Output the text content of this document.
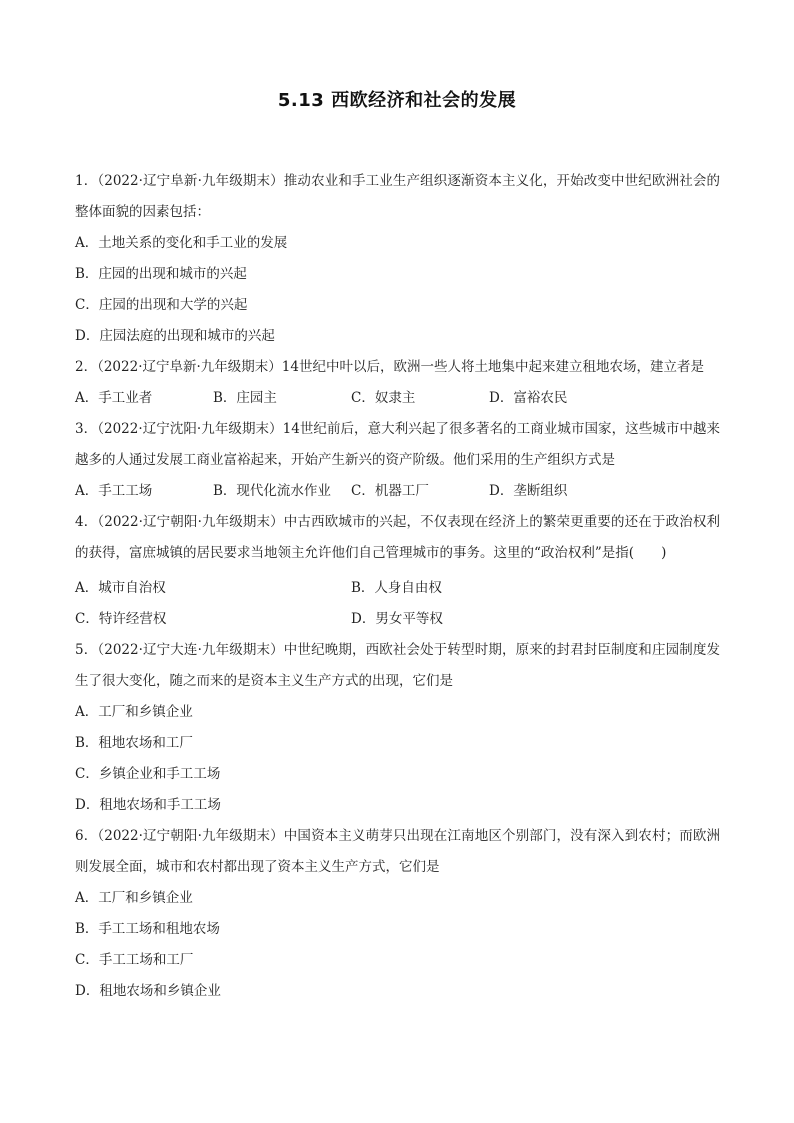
5.13 西欧经济和社会的发展

1．（2022·辽宁阜新·九年级期末）推动农业和手工业生产组织逐渐资本主义化，开始改变中世纪欧洲社会的整体面貌的因素包括：

A．土地关系的变化和手工业的发展

B．庄园的出现和城市的兴起

C．庄园的出现和大学的兴起

D．庄园法庭的出现和城市的兴起

2．（2022·辽宁阜新·九年级期末）14世纪中叶以后，欧洲一些人将土地集中起来建立租地农场，建立者是

A．手工业者	B．庄园主	C．奴隶主	D．富裕农民

3．（2022·辽宁沈阳·九年级期末）14世纪前后，意大利兴起了很多著名的工商业城市国家，这些城市中越来越多的人通过发展工商业富裕起来，开始产生新兴的资产阶级。他们采用的生产组织方式是

A．手工工场	B．现代化流水作业	C．机器工厂	D．垄断组织

4．（2022·辽宁朝阳·九年级期末）中古西欧城市的兴起，不仅表现在经济上的繁荣更重要的还在于政治权利的获得，富庶城镇的居民要求当地领主允许他们自己管理城市的事务。这里的“政治权利”是指(　　)

A．城市自治权	B．人身自由权
C．特许经营权	D．男女平等权

5．（2022·辽宁大连·九年级期末）中世纪晚期，西欧社会处于转型时期，原来的封君封臣制度和庄园制度发生了很大变化，随之而来的是资本主义生产方式的出现，它们是

A．工厂和乡镇企业

B．租地农场和工厂

C．乡镇企业和手工工场

D．租地农场和手工工场

6．（2022·辽宁朝阳·九年级期末）中国资本主义萌芽只出现在江南地区个别部门，没有深入到农村；而欧洲则发展全面，城市和农村都出现了资本主义生产方式，它们是

A．工厂和乡镇企业

B．手工工场和租地农场

C．手工工场和工厂

D．租地农场和乡镇企业
